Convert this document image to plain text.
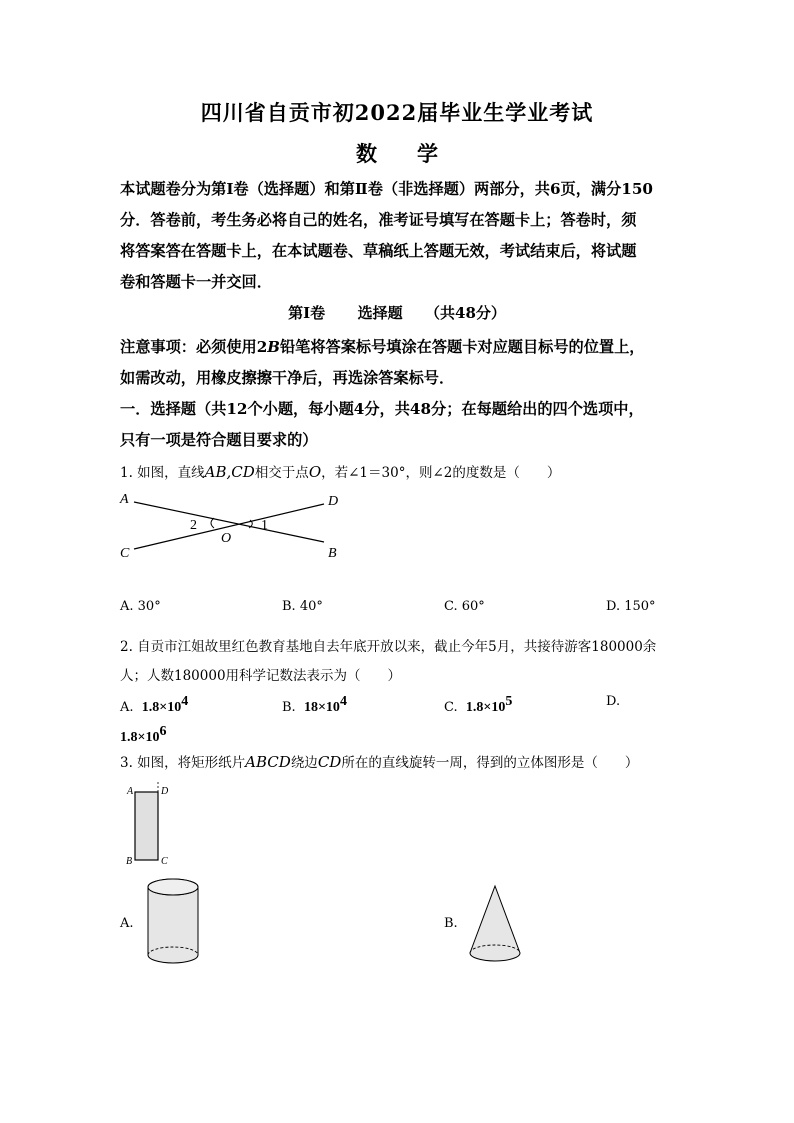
四川省自贡市初2022届毕业生学业考试
数 学
本试题卷分为第Ⅰ卷（选择题）和第Ⅱ卷（非选择题）两部分，共6页，满分150
分．答卷前，考生务必将自己的姓名，准考证号填写在答题卡上；答卷时，须
将答案答在答题卡上，在本试题卷、草稿纸上答题无效，考试结束后，将试题
卷和答题卡一并交回．
第Ⅰ卷 选择题 （共48分）
注意事项：必须使用2B铅笔将答案标号填涂在答题卡对应题目标号的位置上，
如需改动，用橡皮擦擦干净后，再选涂答案标号．
一．选择题（共12个小题，每小题4分，共48分；在每题给出的四个选项中，
只有一项是符合题目要求的）
1. 如图，直线AB,CD相交于点O，若∠1＝30°，则∠2的度数是（　　）
A	D
C	B
O
2	1
A. 30°	B. 40°	C. 60°	D. 150°
2. 自贡市江姐故里红色教育基地自去年底开放以来，截止今年5月，共接待游客180000余
人；人数180000用科学记数法表示为（　　）
A. $1.8\times 10^4$	B. $18\times 10^4$	C. $1.8\times 10^5$	D.
$1.8\times 10^6$
3. 如图，将矩形纸片ABCD绕边CD所在的直线旋转一周，得到的立体图形是（　　）
A	D
B	C
A.	B.
